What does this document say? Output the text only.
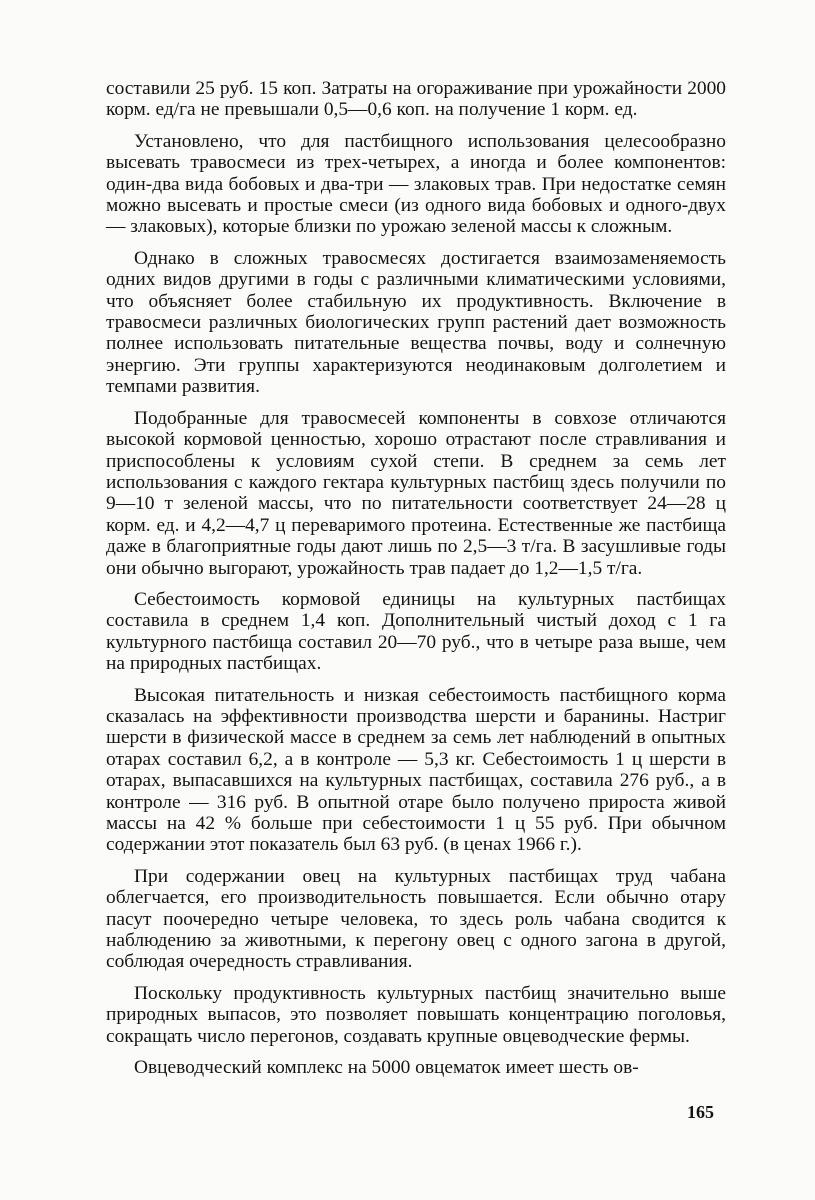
составили 25 руб. 15 коп. Затраты на огораживание при урожайности 2000 корм. ед/га не превышали 0,5—0,6 коп. на получение 1 корм. ед.

Установлено, что для пастбищного использования целесообразно высевать травосмеси из трех-четырех, а иногда и более компонентов: один-два вида бобовых и два-три — злаковых трав. При недостатке семян можно высевать и простые смеси (из одного вида бобовых и одного-двух — злаковых), которые близки по урожаю зеленой массы к сложным.

Однако в сложных травосмесях достигается взаимозаменяемость одних видов другими в годы с различными климатическими условиями, что объясняет более стабильную их продуктивность. Включение в травосмеси различных биологических групп растений дает возможность полнее использовать питательные вещества почвы, воду и солнечную энергию. Эти группы характеризуются неодинаковым долголетием и темпами развития.

Подобранные для травосмесей компоненты в совхозе отличаются высокой кормовой ценностью, хорошо отрастают после стравливания и приспособлены к условиям сухой степи. В среднем за семь лет использования с каждого гектара культурных пастбищ здесь получили по 9—10 т зеленой массы, что по питательности соответствует 24—28 ц корм. ед. и 4,2—4,7 ц переваримого протеина. Естественные же пастбища даже в благоприятные годы дают лишь по 2,5—3 т/га. В засушливые годы они обычно выгорают, урожайность трав падает до 1,2—1,5 т/га.

Себестоимость кормовой единицы на культурных пастбищах составила в среднем 1,4 коп. Дополнительный чистый доход с 1 га культурного пастбища составил 20—70 руб., что в четыре раза выше, чем на природных пастбищах.

Высокая питательность и низкая себестоимость пастбищного корма сказалась на эффективности производства шерсти и баранины. Настриг шерсти в физической массе в среднем за семь лет наблюдений в опытных отарах составил 6,2, а в контроле — 5,3 кг. Себестоимость 1 ц шерсти в отарах, выпасавшихся на культурных пастбищах, составила 276 руб., а в контроле — 316 руб. В опытной отаре было получено прироста живой массы на 42 % больше при себестоимости 1 ц 55 руб. При обычном содержании этот показатель был 63 руб. (в ценах 1966 г.).

При содержании овец на культурных пастбищах труд чабана облегчается, его производительность повышается. Если обычно отару пасут поочередно четыре человека, то здесь роль чабана сводится к наблюдению за животными, к перегону овец с одного загона в другой, соблюдая очередность стравливания.

Поскольку продуктивность культурных пастбищ значительно выше природных выпасов, это позволяет повышать концентрацию поголовья, сокращать число перегонов, создавать крупные овцеводческие фермы.

Овцеводческий комплекс на 5000 овцематок имеет шесть ов-

165
